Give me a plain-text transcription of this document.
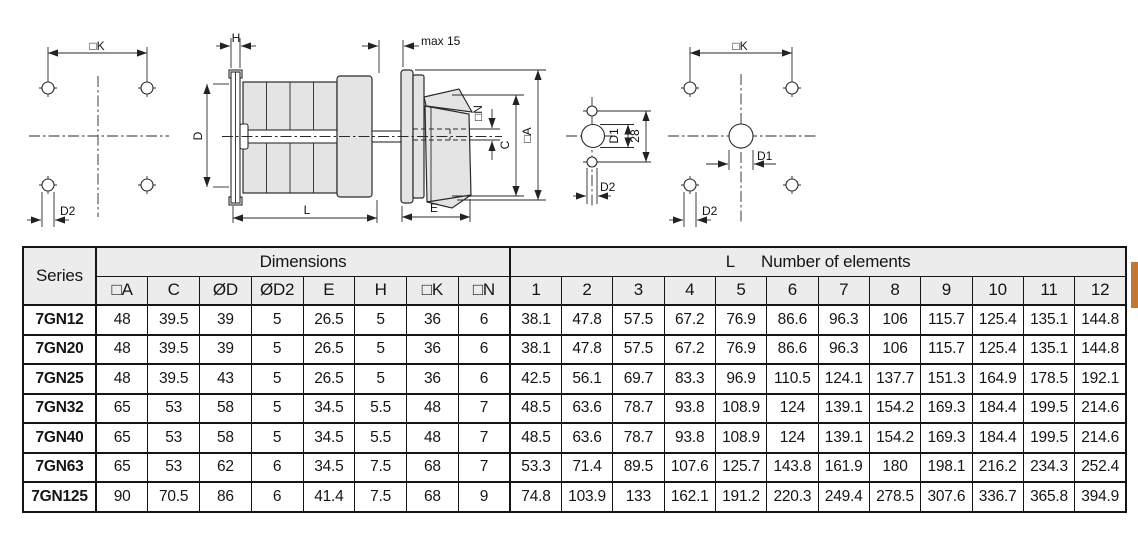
□K
D2
H	max 15
D
L	E
□N
C
□A	D1 28
D2
□K
D1
D2
Series	Dimensions								L Number of elements											
	□A	C	ØD	ØD2	E	H	□K	□N	1	2	3	4	5	6	7	8	9	10	11	12
7GN12	48	39.5	39	5	26.5	5	36	6	38.1	47.8	57.5	67.2	76.9	86.6	96.3	106	115.7	125.4	135.1	144.8
7GN20	48	39.5	39	5	26.5	5	36	6	38.1	47.8	57.5	67.2	76.9	86.6	96.3	106	115.7	125.4	135.1	144.8
7GN25	48	39.5	43	5	26.5	5	36	6	42.5	56.1	69.7	83.3	96.9	110.5	124.1	137.7	151.3	164.9	178.5	192.1
7GN32	65	53	58	5	34.5	5.5	48	7	48.5	63.6	78.7	93.8	108.9	124	139.1	154.2	169.3	184.4	199.5	214.6
7GN40	65	53	58	5	34.5	5.5	48	7	48.5	63.6	78.7	93.8	108.9	124	139.1	154.2	169.3	184.4	199.5	214.6
7GN63	65	53	62	6	34.5	7.5	68	7	53.3	71.4	89.5	107.6	125.7	143.8	161.9	180	198.1	216.2	234.3	252.4
7GN125	90	70.5	86	6	41.4	7.5	68	9	74.8	103.9	133	162.1	191.2	220.3	249.4	278.5	307.6	336.7	365.8	394.9
